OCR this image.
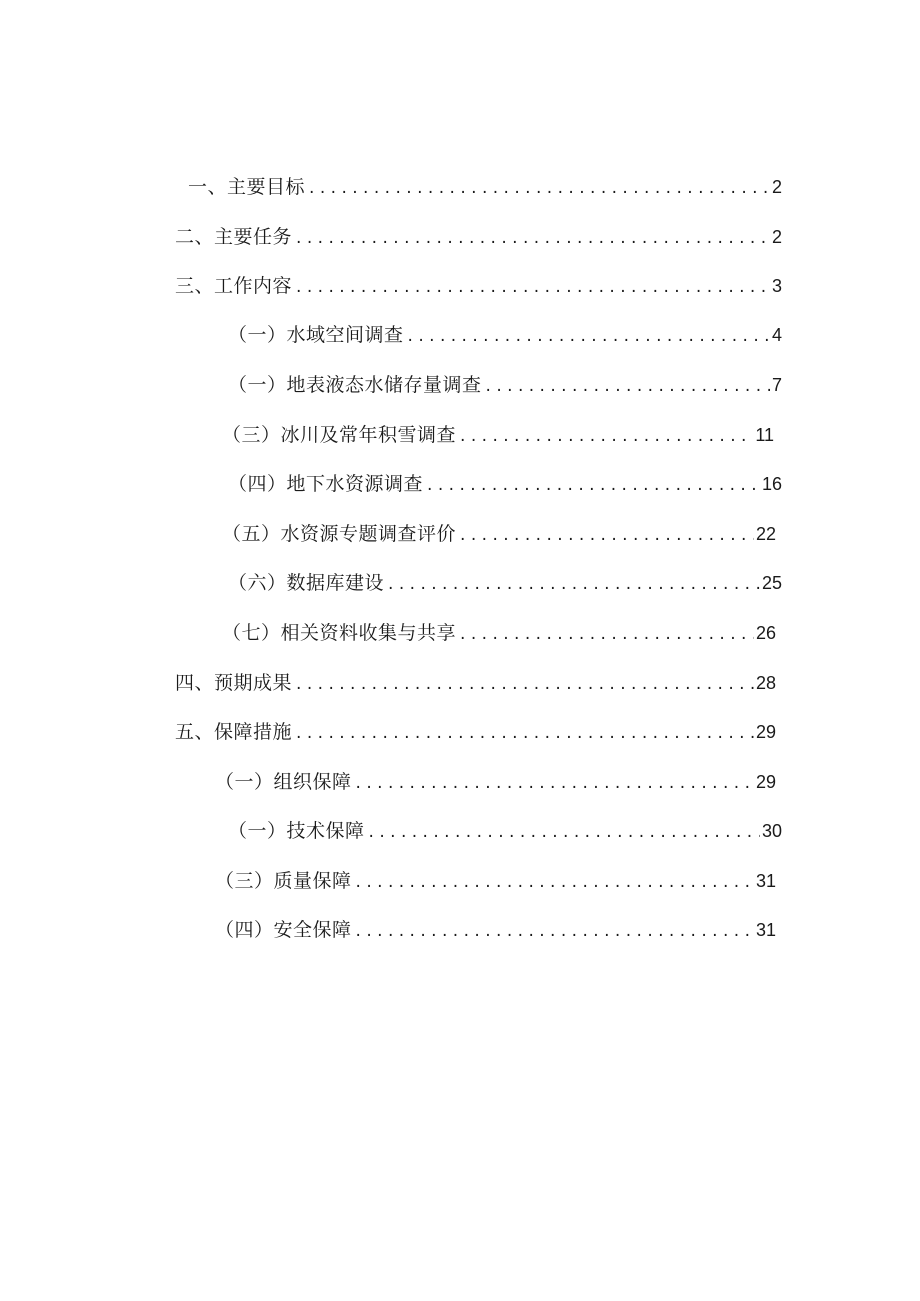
一、主要目标 . . .	2
二、主要任务 . . .	2
三、工作内容 . . .	3
（一）水域空间调查 . . .	4
（一）地表液态水储存量调查 . . .	7
（三）冰川及常年积雪调查 . . .	11
（四）地下水资源调查 . . .	16
（五）水资源专题调查评价 . . .	22
（六）数据库建设 . . .	25
（七）相关资料收集与共享 . . .	26
四、预期成果 . . .	28
五、保障措施 . . .	29
（一）组织保障 . . .	29
（一）技术保障 . . .	30
（三）质量保障 . . .	31
（四）安全保障 . . .	31
